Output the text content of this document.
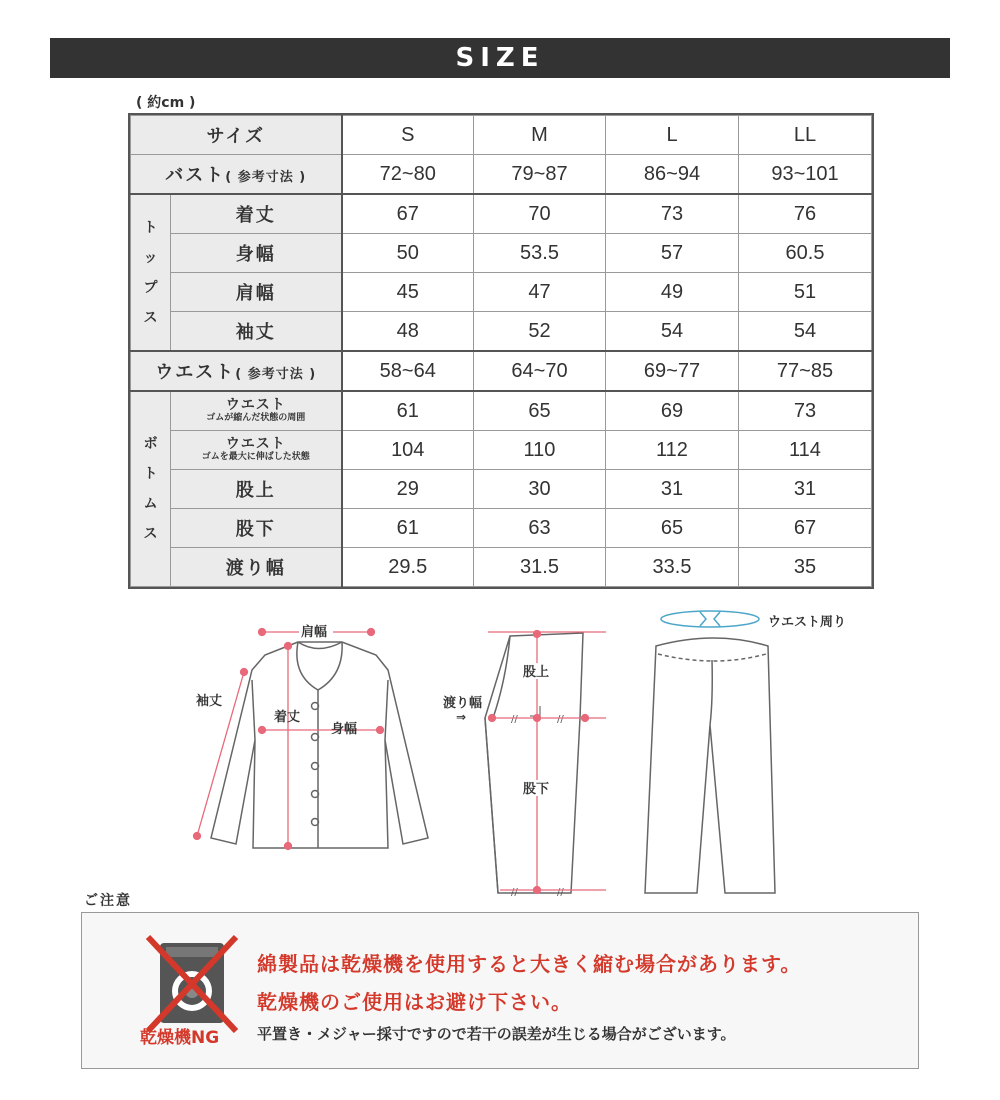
SIZE
( 約cm )
サイズ		S	M	L	LL
バスト( 参考寸法 )		72~80	79~87	86~94	93~101

ト
ッ
プ
ス	着丈	67	70	73	76
	身幅	50	53.5	57	60.5
	肩幅	45	47	49	51
	袖丈	48	52	54	54
ウエスト( 参考寸法 )		58~64	64~70	69~77	77~85

ボ
ト
ム
ス	ウエスト
ゴムが縮んだ状態の周囲	61	65	69	73

	ウエスト
ゴムを最大に伸ばした状態	104	110	112	114
	股上	29	30	31	31
	股下	61	63	65	67
	渡り幅	29.5	31.5	33.5	35
肩幅
袖丈
着丈
身幅
//	//
//	//
股上
渡り幅
⇒
股下
ウエスト周り
ご注意
乾燥機NG
綿製品は乾燥機を使用すると大きく縮む場合があります。
乾燥機のご使用はお避け下さい。
平置き・メジャー採寸ですので若干の誤差が生じる場合がございます。
